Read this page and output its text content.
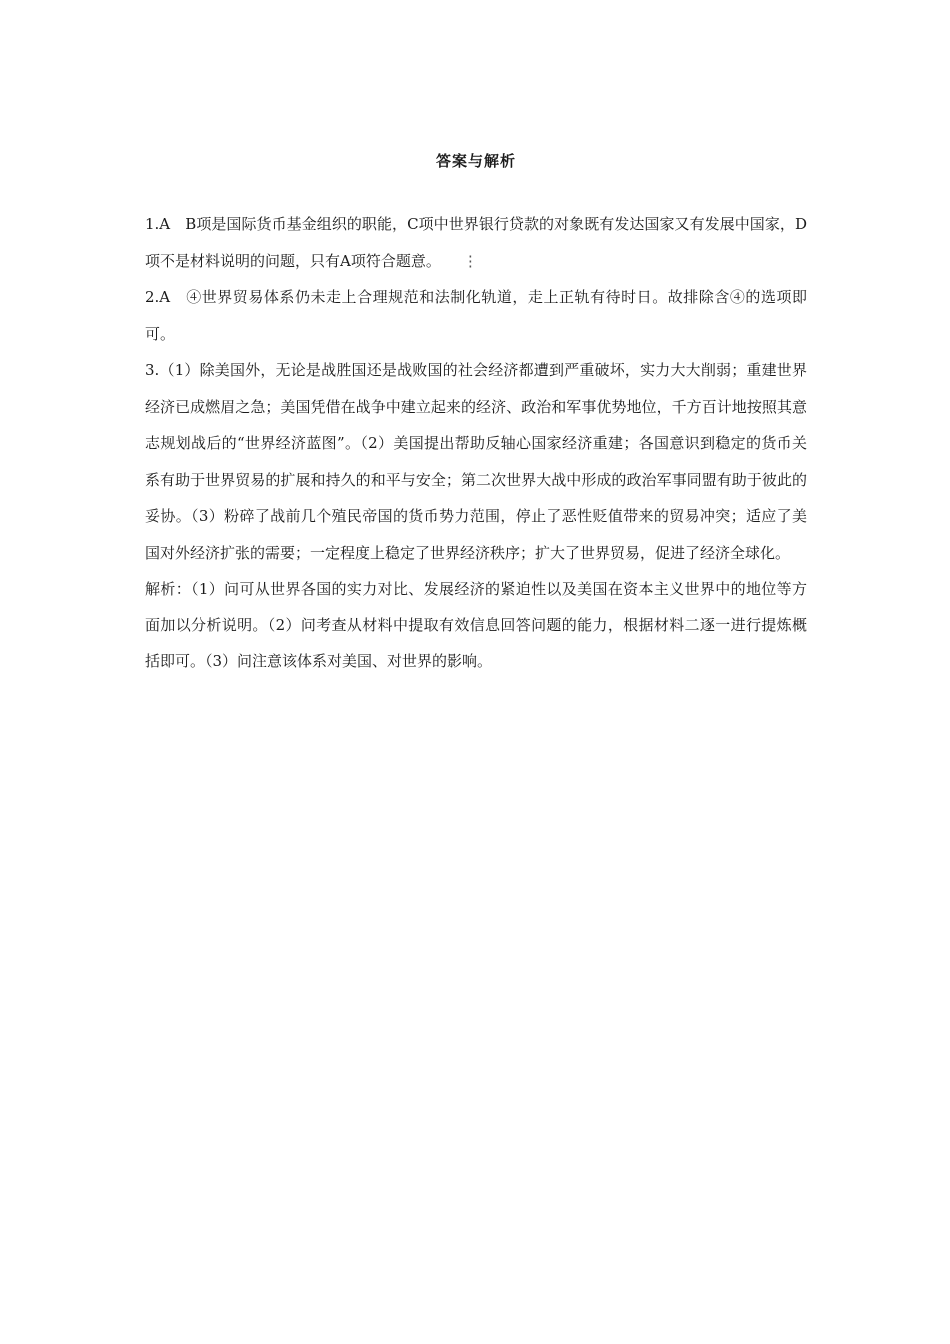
答案与解析

1.A　B项是国际货币基金组织的职能，C项中世界银行贷款的对象既有发达国家又有发展中国家，D项不是材料说明的问题，只有A项符合题意。 ⋮

2.A　④世界贸易体系仍未走上合理规范和法制化轨道，走上正轨有待时日。故排除含④的选项即可。

3.（1）除美国外，无论是战胜国还是战败国的社会经济都遭到严重破坏，实力大大削弱；重建世界经济已成燃眉之急；美国凭借在战争中建立起来的经济、政治和军事优势地位，千方百计地按照其意志规划战后的“世界经济蓝图”。（2）美国提出帮助反轴心国家经济重建；各国意识到稳定的货币关系有助于世界贸易的扩展和持久的和平与安全；第二次世界大战中形成的政治军事同盟有助于彼此的妥协。（3）粉碎了战前几个殖民帝国的货币势力范围，停止了恶性贬值带来的贸易冲突；适应了美国对外经济扩张的需要；一定程度上稳定了世界经济秩序；扩大了世界贸易，促进了经济全球化。

解析：（1）问可从世界各国的实力对比、发展经济的紧迫性以及美国在资本主义世界中的地位等方面加以分析说明。（2）问考查从材料中提取有效信息回答问题的能力，根据材料二逐一进行提炼概括即可。（3）问注意该体系对美国、对世界的影响。
